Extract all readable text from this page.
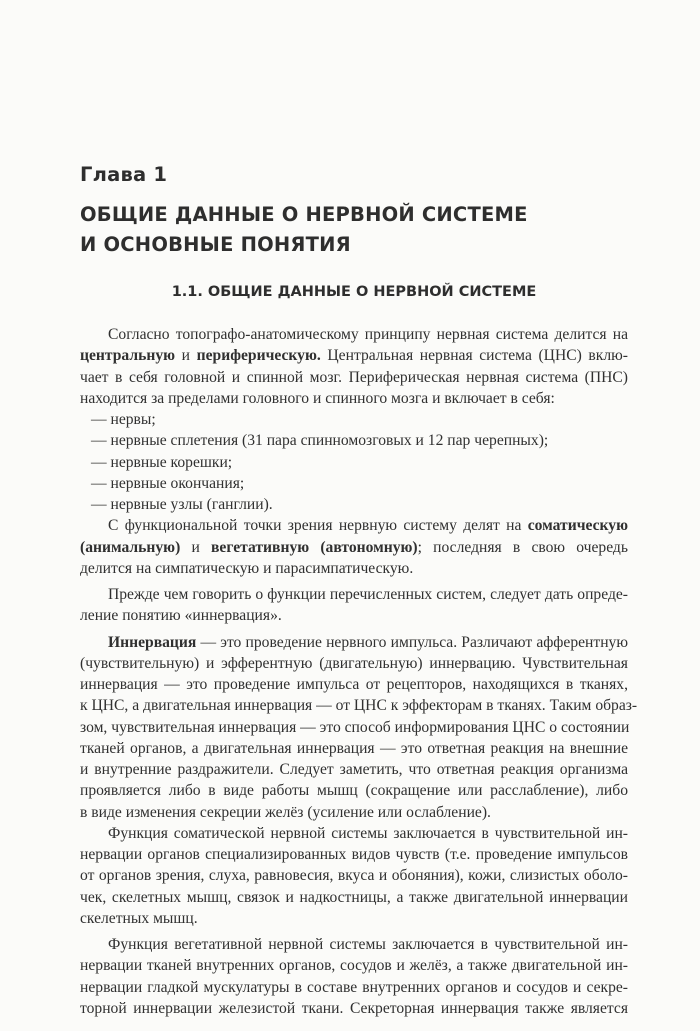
Глава 1
ОБЩИЕ ДАННЫЕ О НЕРВНОЙ СИСТЕМЕ
И ОСНОВНЫЕ ПОНЯТИЯ
1.1. ОБЩИЕ ДАННЫЕ О НЕРВНОЙ СИСТЕМЕ
Согласно топографо-анатомическому принципу нервная система делится на
центральную и периферическую. Центральная нервная система (ЦНС) вклю-
чает в себя головной и спинной мозг. Периферическая нервная система (ПНС)
находится за пределами головного и спинного мозга и включает в себя:
— нервы;
— нервные сплетения (31 пара спинномозговых и 12 пар черепных);
— нервные корешки;
— нервные окончания;
— нервные узлы (ганглии).
С функциональной точки зрения нервную систему делят на соматическую
(анимальную) и вегетативную (автономную); последняя в свою очередь
делится на симпатическую и парасимпатическую.
Прежде чем говорить о функции перечисленных систем, следует дать опреде-
ление понятию «иннервация».
Иннервация — это проведение нервного импульса. Различают афферентную
(чувствительную) и эфферентную (двигательную) иннервацию. Чувствительная
иннервация — это проведение импульса от рецепторов, находящихся в тканях,
к ЦНС, а двигательная иннервация — от ЦНС к эффекторам в тканях. Таким образ-
зом, чувствительная иннервация — это способ информирования ЦНС о состоянии
тканей органов, а двигательная иннервация — это ответная реакция на внешние
и внутренние раздражители. Следует заметить, что ответная реакция организма
проявляется либо в виде работы мышц (сокращение или расслабление), либо
в виде изменения секреции желёз (усиление или ослабление).
Функция соматической нервной системы заключается в чувствительной ин-
нервации органов специализированных видов чувств (т.е. проведение импульсов
от органов зрения, слуха, равновесия, вкуса и обоняния), кожи, слизистых оболо-
чек, скелетных мышц, связок и надкостницы, а также двигательной иннервации
скелетных мышц.
Функция вегетативной нервной системы заключается в чувствительной ин-
нервации тканей внутренних органов, сосудов и желёз, а также двигательной ин-
нервации гладкой мускулатуры в составе внутренних органов и сосудов и секре-
торной иннервации железистой ткани. Секреторная иннервация также является
